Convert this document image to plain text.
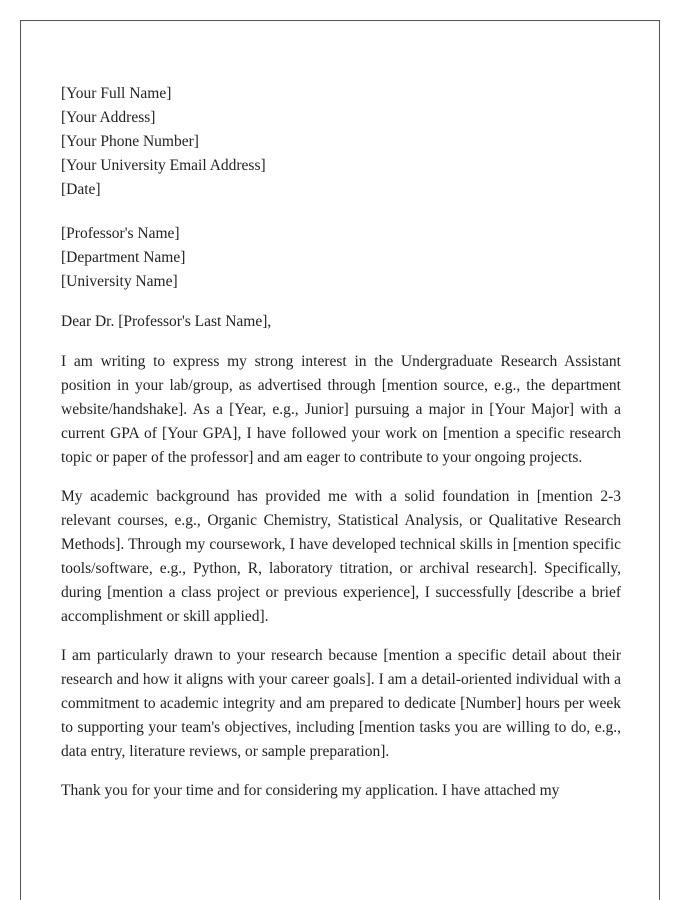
[Your Full Name]
[Your Address]
[Your Phone Number]
[Your University Email Address]
[Date]
[Professor's Name]
[Department Name]
[University Name]

Dear Dr. [Professor's Last Name],

I am writing to express my strong interest in the Undergraduate Research Assistant position in your lab/group, as advertised through [mention source, e.g., the department website/handshake]. As a [Year, e.g., Junior] pursuing a major in [Your Major] with a current GPA of [Your GPA], I have followed your work on [mention a specific research topic or paper of the professor] and am eager to contribute to your ongoing projects.

My academic background has provided me with a solid foundation in [mention 2-3 relevant courses, e.g., Organic Chemistry, Statistical Analysis, or Qualitative Research Methods]. Through my coursework, I have developed technical skills in [mention specific tools/software, e.g., Python, R, laboratory titration, or archival research]. Specifically, during [mention a class project or previous experience], I successfully [describe a brief accomplishment or skill applied].

I am particularly drawn to your research because [mention a specific detail about their research and how it aligns with your career goals]. I am a detail-oriented individual with a commitment to academic integrity and am prepared to dedicate [Number] hours per week to supporting your team's objectives, including [mention tasks you are willing to do, e.g., data entry, literature reviews, or sample preparation].

Thank you for your time and for considering my application. I have attached my
